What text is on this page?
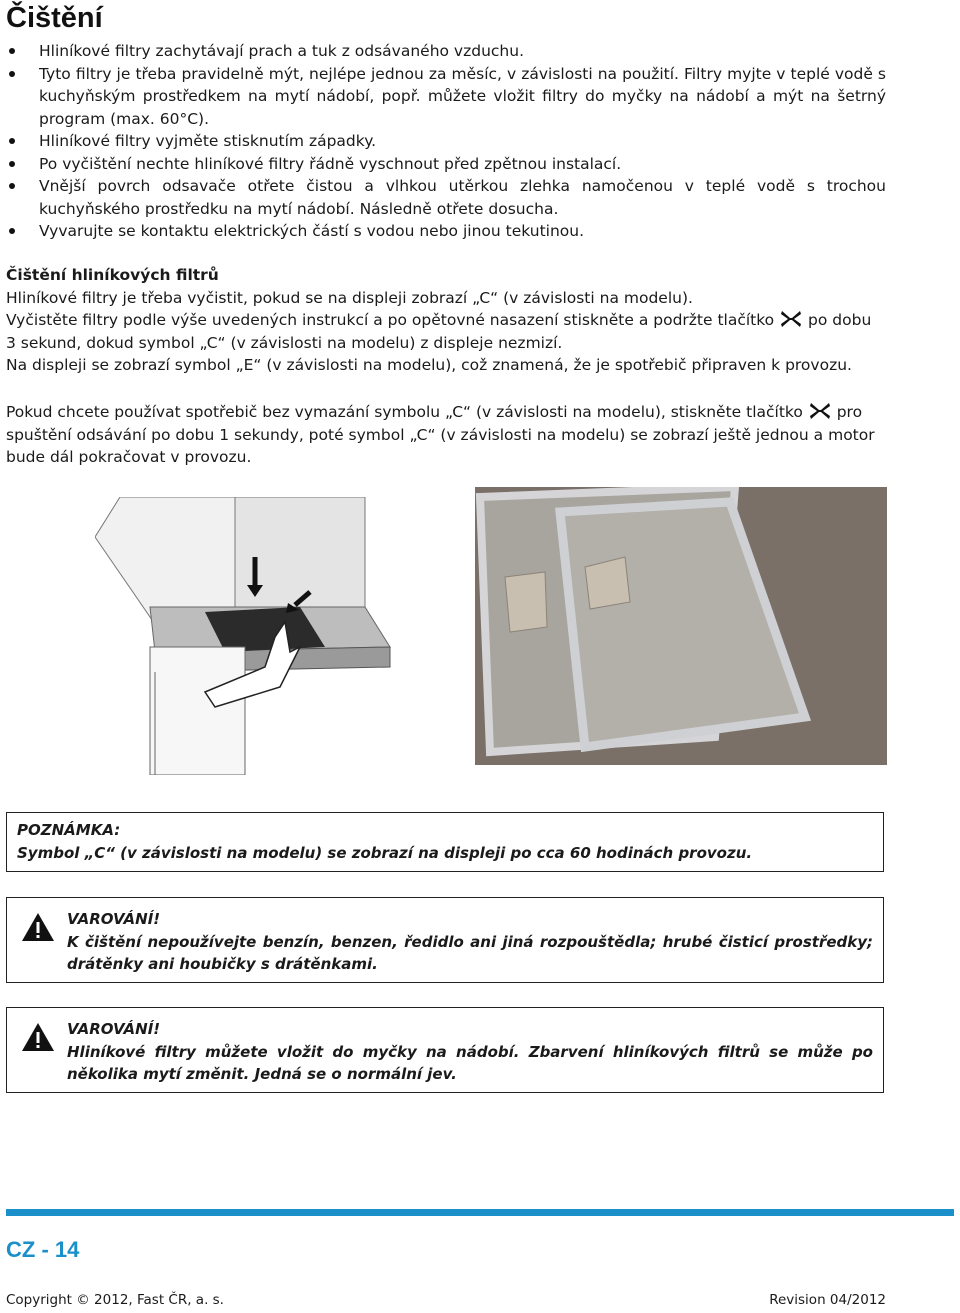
Čištění
Hliníkové filtry zachytávají prach a tuk z odsávaného vzduchu.
Tyto filtry je třeba pravidelně mýt, nejlépe jednou za měsíc, v závislosti na použití. Filtry myjte v teplé vodě s kuchyňským prostředkem na mytí nádobí, popř. můžete vložit filtry do myčky na nádobí a mýt na šetrný program (max. 60°C).
Hliníkové filtry vyjměte stisknutím západky.
Po vyčištění nechte hliníkové filtry řádně vyschnout před zpětnou instalací.
Vnější povrch odsavače otřete čistou a vlhkou utěrkou zlehka namočenou v teplé vodě s trochou kuchyňského prostředku na mytí nádobí. Následně otřete dosucha.
Vyvarujte se kontaktu elektrických částí s vodou nebo jinou tekutinou.

Čištění hliníkových filtrů

Hliníkové filtry je třeba vyčistit, pokud se na displeji zobrazí „C“ (v závislosti na modelu).

Vyčistěte filtry podle výše uvedených instrukcí a po opětovné nasazení stiskněte a podržte tlačítko po dobu 3 sekund, dokud symbol „C“ (v závislosti na modelu) z displeje nezmizí.

Na displeji se zobrazí symbol „E“ (v závislosti na modelu), což znamená, že je spotřebič připraven k provozu.

Pokud chcete používat spotřebič bez vymazání symbolu „C“ (v závislosti na modelu), stiskněte tlačítko pro spuštění odsávání po dobu 1 sekundy, poté symbol „C“ (v závislosti na modelu) se zobrazí ještě jednou a motor bude dál pokračovat v provozu.

POZNÁMKA:

Symbol „C“ (v závislosti na modelu) se zobrazí na displeji po cca 60 hodinách provozu.

VAROVÁNÍ!

K čištění nepoužívejte benzín, benzen, ředidlo ani jiná rozpouštědla; hrubé čisticí prostředky; drátěnky ani houbičky s drátěnkami.

VAROVÁNÍ!

Hliníkové filtry můžete vložit do myčky na nádobí. Zbarvení hliníkových filtrů se může po několika mytí změnit. Jedná se o normální jev.

CZ - 14
Copyright © 2012, Fast ČR, a. s.	Revision 04/2012
